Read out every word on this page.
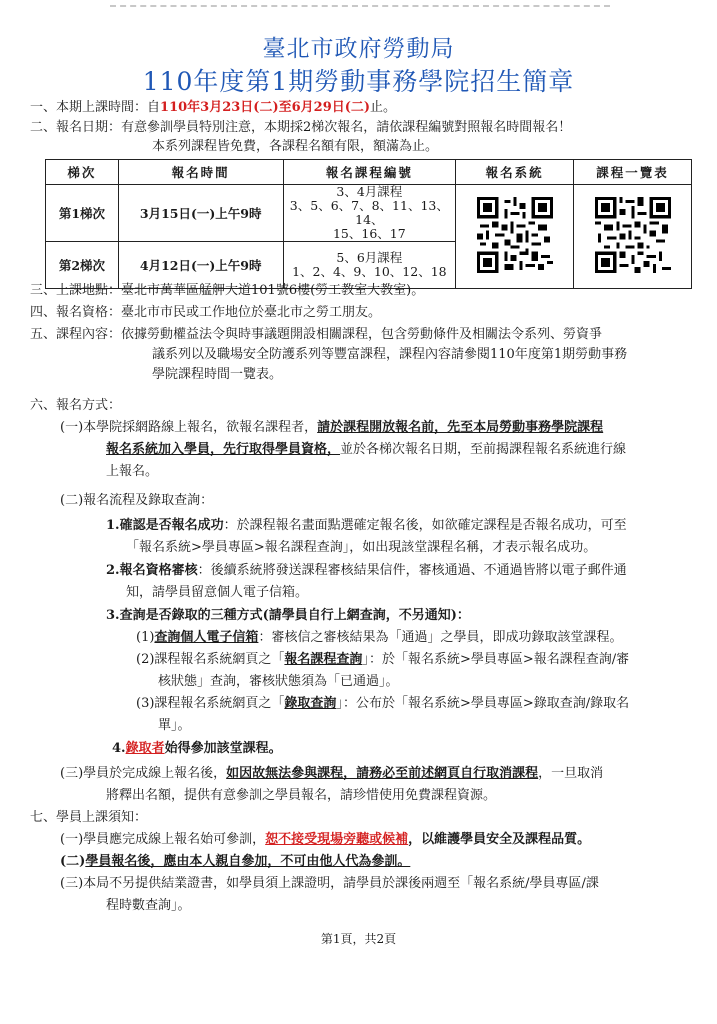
臺北市政府勞動局
110年度第1期勞動事務學院招生簡章
一、本期上課時間：自110年3月23日(二)至6月29日(二)止。
二、報名日期：有意參訓學員特別注意，本期採2梯次報名，請依課程編號對照報名時間報名！
本系列課程皆免費，各課程名額有限，額滿為止。
梯次	報名時間	報名課程編號	報名系統	課程一覽表
第1梯次	3月15日(一)上午9時	3、4月課程
3、5、6、7、8、11、13、14、
15、16、17

第2梯次	4月12日(一)上午9時	5、6月課程
1、2、4、9、10、12、18		
三、上課地點：臺北市萬華區艋舺大道101號6樓(勞工教室大教室)。
四、報名資格：臺北市市民或工作地位於臺北市之勞工朋友。
五、課程內容：依據勞動權益法令與時事議題開設相關課程，包含勞動條件及相關法令系列、勞資爭
議系列以及職場安全防護系列等豐富課程，課程內容請參閱110年度第1期勞動事務
學院課程時間一覽表。
六、報名方式：
(一)本學院採網路線上報名，欲報名課程者，請於課程開放報名前，先至本局勞動事務學院課程
報名系統加入學員，先行取得學員資格，並於各梯次報名日期，至前揭課程報名系統進行線
上報名。
(二)報名流程及錄取查詢：
1.確認是否報名成功：於課程報名畫面點選確定報名後，如欲確定課程是否報名成功，可至
「報名系統>學員專區>報名課程查詢」，如出現該堂課程名稱，才表示報名成功。
2.報名資格審核：後續系統將發送課程審核結果信件，審核通過、不通過皆將以電子郵件通
知，請學員留意個人電子信箱。
3.查詢是否錄取的三種方式(請學員自行上網查詢，不另通知)：
(1)查詢個人電子信箱：審核信之審核結果為「通過」之學員，即成功錄取該堂課程。
(2)課程報名系統網頁之「報名課程查詢」：於「報名系統>學員專區>報名課程查詢/審
核狀態」查詢，審核狀態須為「已通過」。
(3)課程報名系統網頁之「錄取查詢」：公布於「報名系統>學員專區>錄取查詢/錄取名
單」。
4.錄取者始得參加該堂課程。
(三)學員於完成線上報名後，如因故無法參與課程，請務必至前述網頁自行取消課程，一旦取消
將釋出名額，提供有意參訓之學員報名，請珍惜使用免費課程資源。
七、學員上課須知：
(一)學員應完成線上報名始可參訓，恕不接受現場旁聽或候補，以維護學員安全及課程品質。
(二)學員報名後，應由本人親自參加，不可由他人代為參訓。
(三)本局不另提供結業證書，如學員須上課證明，請學員於課後兩週至「報名系統/學員專區/課
程時數查詢」。
第1頁，共2頁
